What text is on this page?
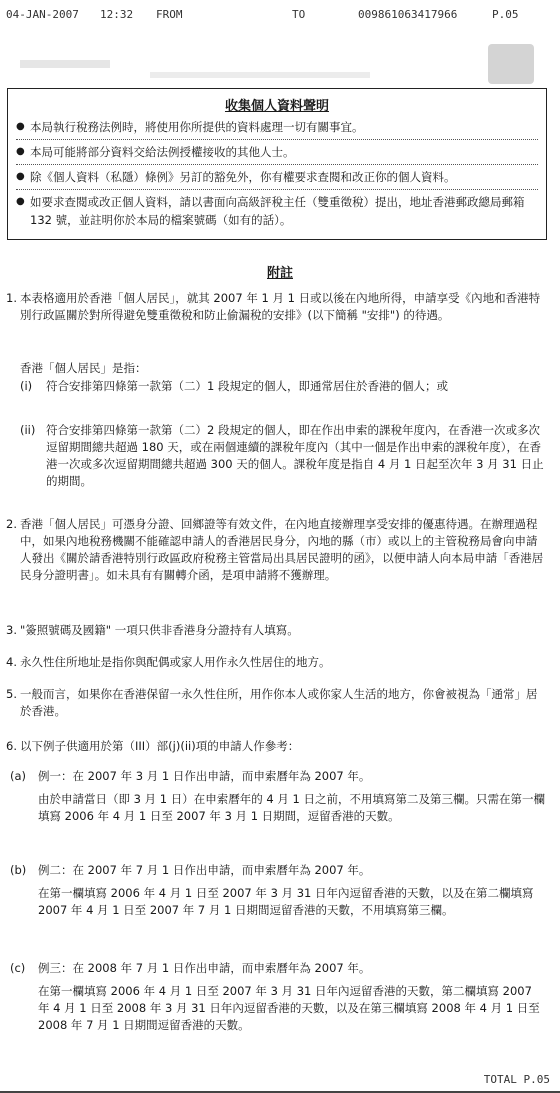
04-JAN-2007 12:32 FROM	TO	009861063417966	P.05
收集個人資料聲明
● 本局執行稅務法例時，將使用你所提供的資料處理一切有關事宜。
● 本局可能將部分資料交給法例授權接收的其他人士。
● 除《個人資料（私隱）條例》另訂的豁免外，你有權要求查閱和改正你的個人資料。
● 如要求查閱或改正個人資料，請以書面向高級評稅主任（雙重徵稅）提出，地址香港郵政總局郵箱 132 號，並註明你於本局的檔案號碼（如有的話）。
附註
1. 本表格適用於香港「個人居民」，就其 2007 年 1 月 1 日或以後在內地所得，申請享受《內地和香港特別行政區關於對所得避免雙重徵稅和防止偷漏稅的安排》(以下簡稱 "安排") 的待遇。
香港「個人居民」是指：
(i) 符合安排第四條第一款第（二）1 段規定的個人，即通常居住於香港的個人；或
(ii) 符合安排第四條第一款第（二）2 段規定的個人，即在作出申索的課稅年度內，在香港一次或多次逗留期間總共超過 180 天，或在兩個連續的課稅年度內（其中一個是作出申索的課稅年度），在香港一次或多次逗留期間總共超過 300 天的個人。課稅年度是指自 4 月 1 日起至次年 3 月 31 日止的期間。
2. 香港「個人居民」可憑身分證、回鄉證等有效文件，在內地直接辦理享受安排的優惠待遇。在辦理過程中，如果內地稅務機關不能確認申請人的香港居民身分，內地的縣（市）或以上的主管稅務局會向申請人發出《關於請香港特別行政區政府稅務主管當局出具居民證明的函》，以便申請人向本局申請「香港居民身分證明書」。如未具有有關轉介函，是項申請將不獲辦理。
3. "簽照號碼及國籍" 一項只供非香港身分證持有人填寫。
4. 永久性住所地址是指你與配偶或家人用作永久性居住的地方。
5. 一般而言，如果你在香港保留一永久性住所，用作你本人或你家人生活的地方，你會被視為「通常」居於香港。
6. 以下例子供適用於第（III）部(j)(ii)項的申請人作參考：
(a) 例一：在 2007 年 3 月 1 日作出申請，而申索曆年為 2007 年。
由於申請當日（即 3 月 1 日）在申索曆年的 4 月 1 日之前，不用填寫第二及第三欄。只需在第一欄填寫 2006 年 4 月 1 日至 2007 年 3 月 1 日期間，逗留香港的天數。
(b) 例二：在 2007 年 7 月 1 日作出申請，而申索曆年為 2007 年。
在第一欄填寫 2006 年 4 月 1 日至 2007 年 3 月 31 日年內逗留香港的天數，以及在第二欄填寫 2007 年 4 月 1 日至 2007 年 7 月 1 日期間逗留香港的天數，不用填寫第三欄。
(c) 例三：在 2008 年 7 月 1 日作出申請，而申索曆年為 2007 年。
在第一欄填寫 2006 年 4 月 1 日至 2007 年 3 月 31 日年內逗留香港的天數，第二欄填寫 2007 年 4 月 1 日至 2008 年 3 月 31 日年內逗留香港的天數，以及在第三欄填寫 2008 年 4 月 1 日至 2008 年 7 月 1 日期間逗留香港的天數。
TOTAL P.05
